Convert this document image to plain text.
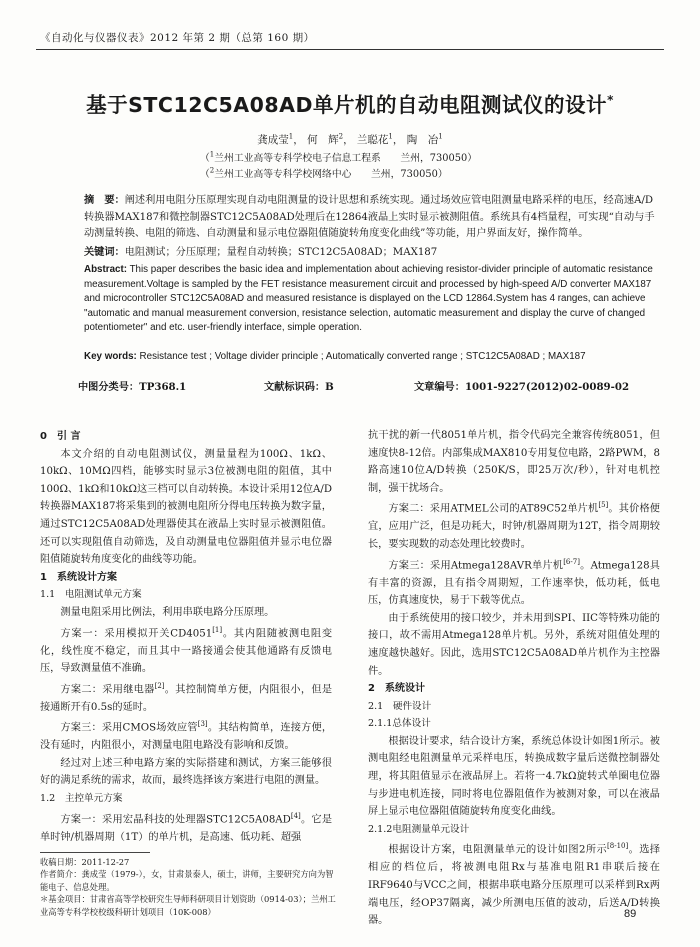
《自动化与仪器仪表》2012 年第 2 期（总第 160 期）
基于STC12C5A08AD单片机的自动电阻测试仪的设计*
龚成莹$^1$， 何　辉$^2$， 兰聪花$^1$， 陶　冶$^1$
（$^1$兰州工业高等专科学校电子信息工程系　　兰州，730050）
（$^2$兰州工业高等专科学校网络中心　　兰州，730050）
摘　要：阐述利用电阻分压原理实现自动电阻测量的设计思想和系统实现。通过场效应管电阻测量电路采样的电压，经高速A/D转换器MAX187和微控制器STC12C5A08AD处理后在12864液晶上实时显示被测阻值。系统具有4档量程，可实现“自动与手动测量转换、电阻的筛选、自动测量和显示电位器阻值随旋转角度变化曲线”等功能，用户界面友好，操作简单。
关键词：电阻测试；分压原理；量程自动转换；STC12C5A08AD；MAX187
Abstract: This paper describes the basic idea and implementation about achieving resistor-divider principle of automatic resistance measurement.Voltage is sampled by the FET resistance measurement circuit and processed by high-speed A/D converter MAX187 and microcontroller STC12C5A08AD and measured resistance is displayed on the LCD 12864.System has 4 ranges, can achieve "automatic and manual measurement conversion, resistance selection, automatic measurement and display the curve of changed potentiometer" and etc. user-friendly interface, simple operation.
Key words: Resistance test ; Voltage divider principle ; Automatically converted range ; STC12C5A08AD ; MAX187
中图分类号：TP368.1	文献标识码：B	文章编号：1001-9227(2012)02-0089-02

0　引 言

本文介绍的自动电阻测试仪，测量量程为100Ω、1kΩ、10kΩ、10MΩ四档，能够实时显示3位被测电阻的阻值，其中100Ω、1kΩ和10kΩ这三档可以自动转换。本设计采用12位A/D转换器MAX187将采集到的被测电阻所分得电压转换为数字量，通过STC12C5A08AD处理器使其在液晶上实时显示被测阻值。还可以实现阻值自动筛选，及自动测量电位器阻值并显示电位器阻值随旋转角度变化的曲线等功能。

1　系统设计方案

1.1　电阻测试单元方案

测量电阻采用比例法，利用串联电路分压原理。

方案一：采用模拟开关CD4051[1]。其内阻随被测电阻变化，线性度不稳定，而且其中一路接通会使其他通路有反馈电压，导致测量值不准确。

方案二：采用继电器[2]。其控制简单方便，内阻很小，但是接通断开有0.5s的延时。

方案三：采用CMOS场效应管[3]。其结构简单，连接方便，没有延时，内阻很小，对测量电阻电路没有影响和反馈。

经过对上述三种电路方案的实际搭建和测试，方案三能够很好的满足系统的需求，故而，最终选择该方案进行电阻的测量。

1.2　主控单元方案

方案一：采用宏晶科技的处理器STC12C5A08AD[4]。它是单时钟/机器周期（1T）的单片机，是高速、低功耗、超强

抗干扰的新一代8051单片机，指令代码完全兼容传统8051，但速度快8-12倍。内部集成MAX810专用复位电路，2路PWM，8路高速10位A/D转换（250K/S，即25万次/秒），针对电机控制，强干扰场合。

方案二：采用ATMEL公司的AT89C52单片机[5]。其价格便宜，应用广泛，但是功耗大，时钟/机器周期为12T，指令周期较长，要实现数的动态处理比较费时。

方案三：采用Atmega128AVR单片机[6-7]。Atmega128具有丰富的资源，且有指令周期短，工作速率快，低功耗，低电压，仿真速度快，易于下载等优点。

由于系统使用的接口较少，并未用到SPI、IIC等特殊功能的接口，故不需用Atmega128单片机。另外，系统对阻值处理的速度越快越好。因此，选用STC12C5A08AD单片机作为主控器件。

2　系统设计

2.1　硬件设计

2.1.1总体设计

根据设计要求，结合设计方案，系统总体设计如图1所示。被测电阻经电阻测量单元采样电压，转换成数字量后送微控制器处理，将其阻值显示在液晶屏上。若将一4.7kΩ旋转式单圈电位器与步进电机连接，同时将电位器阻值作为被测对象，可以在液晶屏上显示电位器阻值随旋转角度变化曲线。

2.1.2电阻测量单元设计

根据设计方案，电阻测量单元的设计如图2所示[8-10]。选择相应的档位后，将被测电阻Rx与基准电阻R1串联后接在IRF9640与VCC之间，根据串联电路分压原理可以采样到Rx两端电压，经OP37隔离，减少所测电压值的波动，后送A/D转换器。

收稿日期：2011-12-27

作者简介：龚成莹（1979-），女，甘肃景泰人，硕士，讲师，主要研究方向为智能电子、信息处理。

＊基金项目：甘肃省高等学校研究生导师科研项目计划资助（0914-03）；兰州工业高等专科学校校级科研计划项目（10K-008）	89
